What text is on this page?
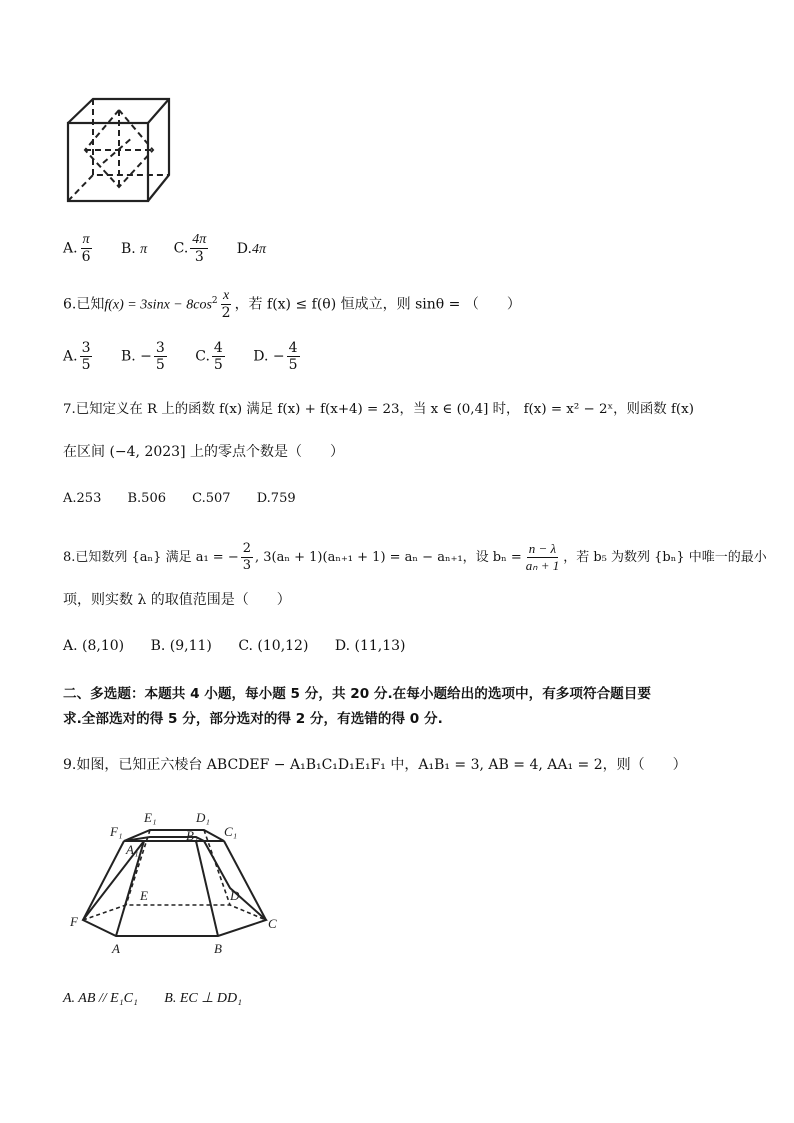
A. $\frac{\pi}{6} B$. π C. $\frac{4\pi}{3} D.4\pi$
6.已知$f(x) = 3\sin x - 8\cos^2 \frac{x}{2}$ ，若 f(x) ≤ f(θ) 恒成立，则 sinθ = （　　）
A. $\frac{3}{5} B$. − $\frac{3}{5} C$. $\frac{4}{5} D$. − $\frac{4}{5}$
7.已知定义在 R 上的函数 f(x) 满足 f(x) + f(x+4) = 23，当 x ∈ (0,4] 时， f(x) = x² − 2ˣ，则函数 f(x)
在区间 (−4, 2023] 上的零点个数是（　　）
A.253 B.506 C.507 D.759
8.已知数列 {aₙ} 满足 a₁ = − $\frac{2}{3}$ , 3(aₙ + 1)(aₙ₊₁ + 1) = aₙ − aₙ₊₁，设 $b_n = \frac{n - \lambda}{\text{aₙ + 1}}$ ，若 b₅ 为数列 {bₙ} 中唯一的最小
项，则实数 λ 的取值范围是（　　）
A. (8,10) B. (9,11) C. (10,12) D. (11,13)
二、多选题：本题共 4 小题，每小题 5 分，共 20 分.在每小题给出的选项中，有多项符合题目要
求.全部选对的得 5 分，部分选对的得 2 分，有选错的得 0 分.
9.如图，已知正六棱台 ABCDEF − A₁B₁C₁D₁E₁F₁ 中，A₁B₁ = 3, AB = 4, AA₁ = 2，则（　　）
E₁	D₁
F₁	B₁ C₁
A₁
E	D
F	C
A	B
A. AB // E₁C₁ B. EC ⊥ DD₁
